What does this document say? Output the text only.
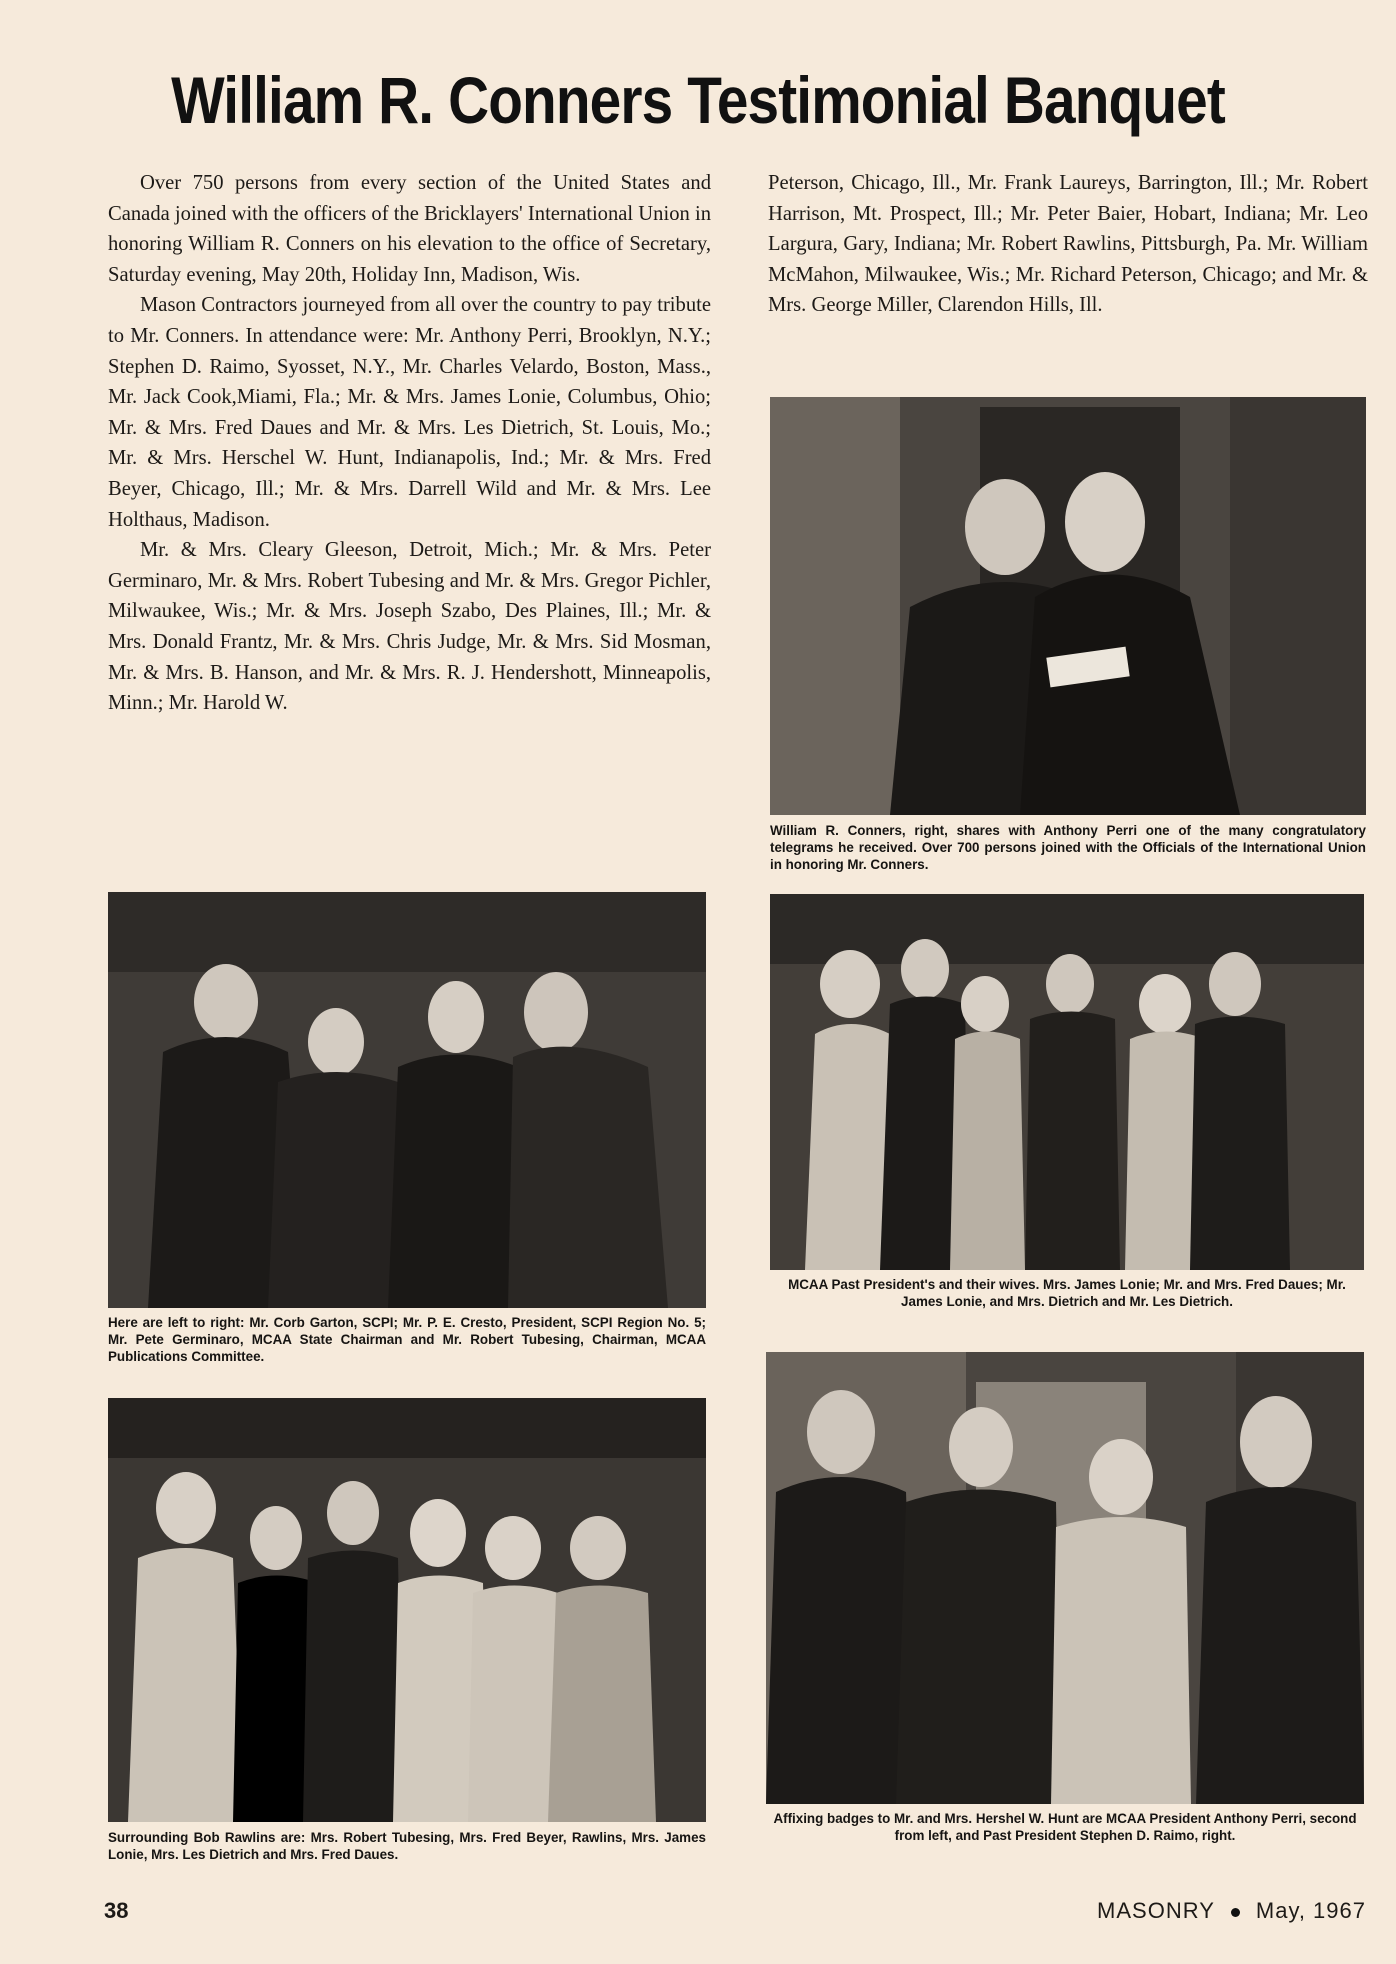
William R. Conners Testimonial Banquet

Over 750 persons from every section of the United States and Canada joined with the officers of the Bricklayers' International Union in honoring William R. Conners on his elevation to the office of Secretary, Saturday evening, May 20th, Holiday Inn, Madison, Wis.

Mason Contractors journeyed from all over the country to pay tribute to Mr. Conners. In attendance were: Mr. Anthony Perri, Brooklyn, N.Y.; Stephen D. Raimo, Syosset, N.Y., Mr. Charles Velardo, Boston, Mass., Mr. Jack Cook,Miami, Fla.; Mr. & Mrs. James Lonie, Columbus, Ohio; Mr. & Mrs. Fred Daues and Mr. & Mrs. Les Dietrich, St. Louis, Mo.; Mr. & Mrs. Herschel W. Hunt, Indianapolis, Ind.; Mr. & Mrs. Fred Beyer, Chicago, Ill.; Mr. & Mrs. Darrell Wild and Mr. & Mrs. Lee Holthaus, Madison.

Mr. & Mrs. Cleary Gleeson, Detroit, Mich.; Mr. & Mrs. Peter Germinaro, Mr. & Mrs. Robert Tubesing and Mr. & Mrs. Gregor Pichler, Milwaukee, Wis.; Mr. & Mrs. Joseph Szabo, Des Plaines, Ill.; Mr. & Mrs. Donald Frantz, Mr. & Mrs. Chris Judge, Mr. & Mrs. Sid Mosman, Mr. & Mrs. B. Hanson, and Mr. & Mrs. R. J. Hendershott, Minneapolis, Minn.; Mr. Harold W.

Peterson, Chicago, Ill., Mr. Frank Laureys, Barrington, Ill.; Mr. Robert Harrison, Mt. Prospect, Ill.; Mr. Peter Baier, Hobart, Indiana; Mr. Leo Largura, Gary, Indiana; Mr. Robert Rawlins, Pittsburgh, Pa. Mr. William McMahon, Milwaukee, Wis.; Mr. Richard Peterson, Chicago; and Mr. & Mrs. George Miller, Clarendon Hills, Ill.

William R. Conners, right, shares with Anthony Perri one of the many congratulatory telegrams he received. Over 700 persons joined with the Officials of the International Union in honoring Mr. Conners.
Here are left to right: Mr. Corb Garton, SCPI; Mr. P. E. Cresto, President, SCPI Region No. 5; Mr. Pete Germinaro, MCAA State Chairman and Mr. Robert Tubesing, Chairman, MCAA Publications Committee.
MCAA Past President's and their wives. Mrs. James Lonie; Mr. and Mrs. Fred Daues; Mr. James Lonie, and Mrs. Dietrich and Mr. Les Dietrich.
Surrounding Bob Rawlins are: Mrs. Robert Tubesing, Mrs. Fred Beyer, Rawlins, Mrs. James Lonie, Mrs. Les Dietrich and Mrs. Fred Daues.
Affixing badges to Mr. and Mrs. Hershel W. Hunt are MCAA President Anthony Perri, second from left, and Past President Stephen D. Raimo, right.
38	MASONRY May, 1967
